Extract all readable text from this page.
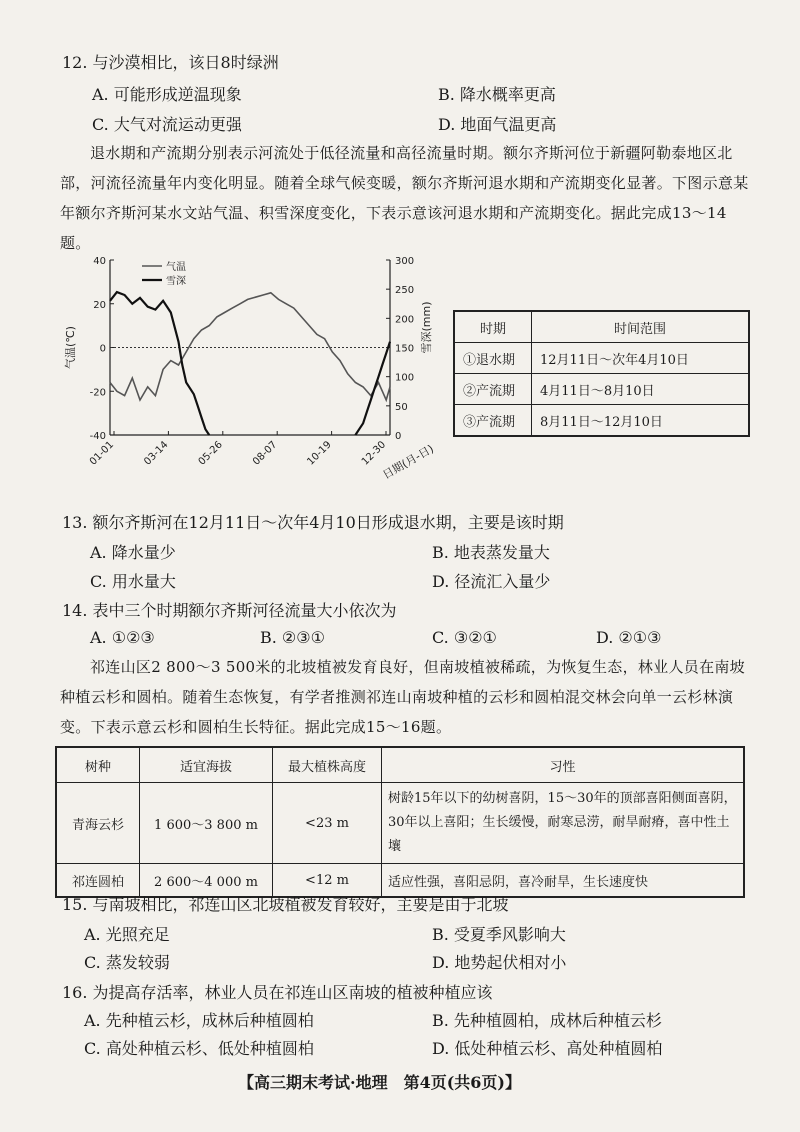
12. 与沙漠相比，该日8时绿洲
A. 可能形成逆温现象	B. 降水概率更高
C. 大气对流运动更强	D. 地面气温更高
退水期和产流期分别表示河流处于低径流量和高径流量时期。额尔齐斯河位于新疆阿勒泰地区北部，河流径流量年内变化明显。随着全球气候变暖，额尔齐斯河退水期和产流期变化显著。下图示意某年额尔齐斯河某水文站气温、积雪深度变化，下表示意该河退水期和产流期变化。据此完成13～14题。
40
20
0
-20
-40
300
250
200
150
100
50
0
01-01	03-14	05-26	08-07	10-19	12-30
气温(℃)	雪深(mm)
日期(月-日)
气温
雪深
时期	时间范围
①退水期	12月11日～次年4月10日
②产流期	4月11日～8月10日
③产流期	8月11日～12月10日
13. 额尔齐斯河在12月11日～次年4月10日形成退水期，主要是该时期
A. 降水量少	B. 地表蒸发量大
C. 用水量大	D. 径流汇入量少
14. 表中三个时期额尔齐斯河径流量大小依次为
A. ①②③	B. ②③①	C. ③②①	D. ②①③
祁连山区2 800～3 500米的北坡植被发育良好，但南坡植被稀疏，为恢复生态，林业人员在南坡种植云杉和圆柏。随着生态恢复，有学者推测祁连山南坡种植的云杉和圆柏混交林会向单一云杉林演变。下表示意云杉和圆柏生长特征。据此完成15～16题。
树种	适宜海拔	最大植株高度	习性
青海云杉	1 600～3 800 m	<23 m	树龄15年以下的幼树喜阴，15～30年的顶部喜阳侧面喜阴，30年以上喜阳；生长缓慢，耐寒忌涝，耐旱耐瘠，喜中性土壤
祁连圆柏	2 600～4 000 m	<12 m	适应性强，喜阳忌阴，喜冷耐旱，生长速度快
15. 与南坡相比，祁连山区北坡植被发育较好，主要是由于北坡
A. 光照充足	B. 受夏季风影响大
C. 蒸发较弱	D. 地势起伏相对小
16. 为提高存活率，林业人员在祁连山区南坡的植被种植应该
A. 先种植云杉，成林后种植圆柏	B. 先种植圆柏，成林后种植云杉
C. 高处种植云杉、低处种植圆柏	D. 低处种植云杉、高处种植圆柏
【高三期末考试·地理　第4页(共6页)】
